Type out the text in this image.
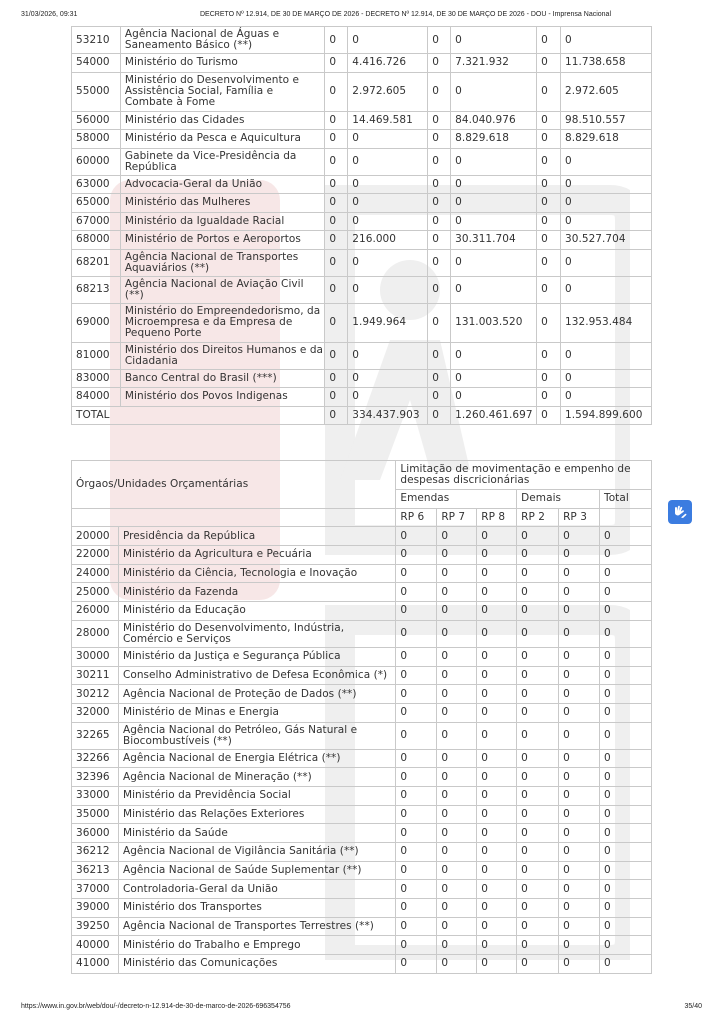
31/03/2026, 09:31	DECRETO Nº 12.914, DE 30 DE MARÇO DE 2026 - DECRETO Nº 12.914, DE 30 DE MARÇO DE 2026 - DOU - Imprensa Nacional
53210	Agência Nacional de Águas e Saneamento Básico (**)	0	0	0	0	0	0
54000	Ministério do Turismo	0	4.416.726	0	7.321.932	0	11.738.658
55000	Ministério do Desenvolvimento e Assistência Social, Família e Combate à Fome	0	2.972.605	0	0	0	2.972.605
56000	Ministério das Cidades	0	14.469.581	0	84.040.976	0	98.510.557
58000	Ministério da Pesca e Aquicultura	0	0	0	8.829.618	0	8.829.618
60000	Gabinete da Vice-Presidência da República	0	0	0	0	0	0
63000	Advocacia-Geral da União	0	0	0	0	0	0
65000	Ministério das Mulheres	0	0	0	0	0	0
67000	Ministério da Igualdade Racial	0	0	0	0	0	0
68000	Ministério de Portos e Aeroportos	0	216.000	0	30.311.704	0	30.527.704
68201	Agência Nacional de Transportes Aquaviários (**)	0	0	0	0	0	0
68213	Agência Nacional de Aviação Civil (**)	0	0	0	0	0	0
69000	Ministério do Empreendedorismo, da Microempresa e da Empresa de Pequeno Porte	0	1.949.964	0	131.003.520	0	132.953.484
81000	Ministério dos Direitos Humanos e da Cidadania	0	0	0	0	0	0
83000	Banco Central do Brasil (***)	0	0	0	0	0	0
84000	Ministério dos Povos Indigenas	0	0	0	0	0	0
TOTAL		0	334.437.903	0	1.260.461.697	0	1.594.899.600
Órgaos/Unidades Orçamentárias		Limitação de movimentação e empenho de despesas discricionárias					
		Emendas			Demais		Total
		RP 6	RP 7	RP 8	RP 2	RP 3	
20000	Presidência da República	0	0	0	0	0	0
22000	Ministério da Agricultura e Pecuária	0	0	0	0	0	0
24000	Ministério da Ciência, Tecnologia e Inovação	0	0	0	0	0	0
25000	Ministério da Fazenda	0	0	0	0	0	0
26000	Ministério da Educação	0	0	0	0	0	0
28000	Ministério do Desenvolvimento, Indústria, Comércio e Serviços	0	0	0	0	0	0
30000	Ministério da Justiça e Segurança Pública	0	0	0	0	0	0
30211	Conselho Administrativo de Defesa Econômica (*)	0	0	0	0	0	0
30212	Agência Nacional de Proteção de Dados (**)	0	0	0	0	0	0
32000	Ministério de Minas e Energia	0	0	0	0	0	0
32265	Agência Nacional do Petróleo, Gás Natural e Biocombustíveis (**)	0	0	0	0	0	0
32266	Agência Nacional de Energia Elétrica (**)	0	0	0	0	0	0
32396	Agência Nacional de Mineração (**)	0	0	0	0	0	0
33000	Ministério da Previdência Social	0	0	0	0	0	0
35000	Ministério das Relações Exteriores	0	0	0	0	0	0
36000	Ministério da Saúde	0	0	0	0	0	0
36212	Agência Nacional de Vigilância Sanitária (**)	0	0	0	0	0	0
36213	Agência Nacional de Saúde Suplementar (**)	0	0	0	0	0	0
37000	Controladoria-Geral da União	0	0	0	0	0	0
39000	Ministério dos Transportes	0	0	0	0	0	0
39250	Agência Nacional de Transportes Terrestres (**)	0	0	0	0	0	0
40000	Ministério do Trabalho e Emprego	0	0	0	0	0	0
41000	Ministério das Comunicações	0	0	0	0	0	0
https://www.in.gov.br/web/dou/-/decreto-n-12.914-de-30-de-marco-de-2026-696354756	35/40
